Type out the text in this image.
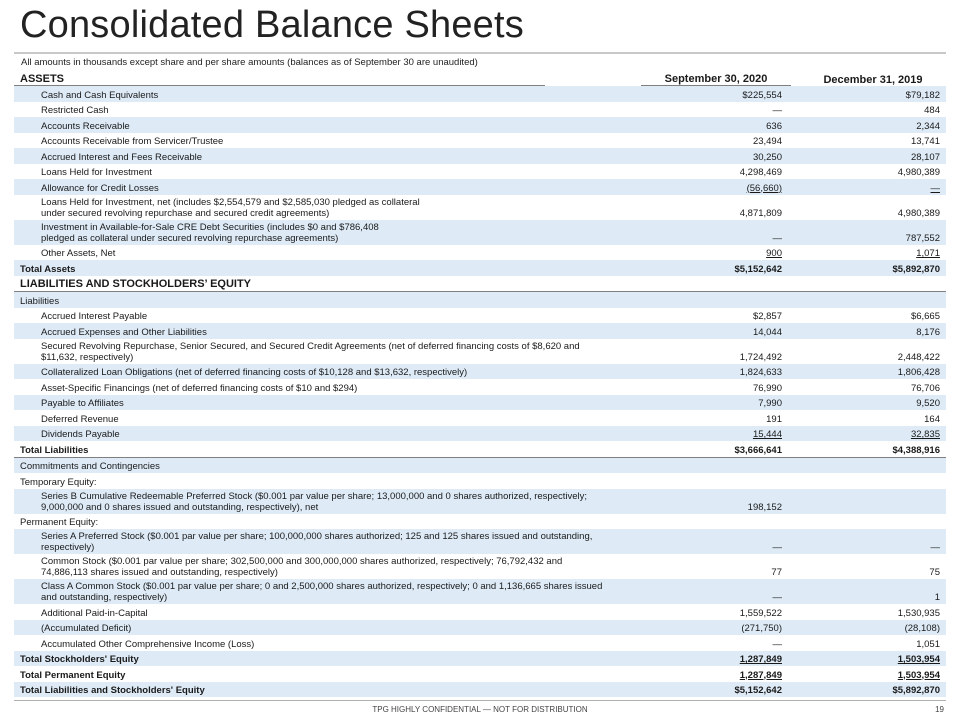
Consolidated Balance Sheets
All amounts in thousands except share and per share amounts (balances as of September 30 are unaudited)
ASSETS	September 30, 2020	December 31, 2019
Cash and Cash Equivalents	$225,554	$79,182
Restricted Cash	—	484
Accounts Receivable	636	2,344
Accounts Receivable from Servicer/Trustee	23,494	13,741
Accrued Interest and Fees Receivable	30,250	28,107
Loans Held for Investment	4,298,469	4,980,389
Allowance for Credit Losses	(56,660)	—
Loans Held for Investment, net (includes $2,554,579 and $2,585,030 pledged as collateral
under secured revolving repurchase and secured credit agreements)	4,871,809	4,980,389
Investment in Available-for-Sale CRE Debt Securities (includes $0 and $786,408
pledged as collateral under secured revolving repurchase agreements)	—	787,552
Other Assets, Net	900	1,071
Total Assets	$5,152,642	$5,892,870
LIABILITIES AND STOCKHOLDERS’ EQUITY
Liabilities
Accrued Interest Payable	$2,857	$6,665
Accrued Expenses and Other Liabilities	14,044	8,176
Secured Revolving Repurchase, Senior Secured, and Secured Credit Agreements (net of deferred financing costs of $8,620 and
$11,632, respectively)	1,724,492	2,448,422
Collateralized Loan Obligations (net of deferred financing costs of $10,128 and $13,632, respectively)	1,824,633	1,806,428
Asset-Specific Financings (net of deferred financing costs of $10 and $294)	76,990	76,706
Payable to Affiliates	7,990	9,520
Deferred Revenue	191	164
Dividends Payable	15,444	32,835
Total Liabilities	$3,666,641	$4,388,916
Commitments and Contingencies
Temporary Equity:
Series B Cumulative Redeemable Preferred Stock ($0.001 par value per share; 13,000,000 and 0 shares authorized, respectively;
9,000,000 and 0 shares issued and outstanding, respectively), net	198,152
Permanent Equity:
Series A Preferred Stock ($0.001 par value per share; 100,000,000 shares authorized; 125 and 125 shares issued and outstanding,
respectively)	—	—
Common Stock ($0.001 par value per share; 302,500,000 and 300,000,000 shares authorized, respectively; 76,792,432 and
74,886,113 shares issued and outstanding, respectively)	77	75
Class A Common Stock ($0.001 par value per share; 0 and 2,500,000 shares authorized, respectively; 0 and 1,136,665 shares issued
and outstanding, respectively)	—	1
Additional Paid-in-Capital	1,559,522	1,530,935
(Accumulated Deficit)	(271,750)	(28,108)
Accumulated Other Comprehensive Income (Loss)	—	1,051
Total Stockholders' Equity	1,287,849	1,503,954
Total Permanent Equity	1,287,849	1,503,954
Total Liabilities and Stockholders' Equity	$5,152,642	$5,892,870
TPG HIGHLY CONFIDENTIAL — NOT FOR DISTRIBUTION	19
